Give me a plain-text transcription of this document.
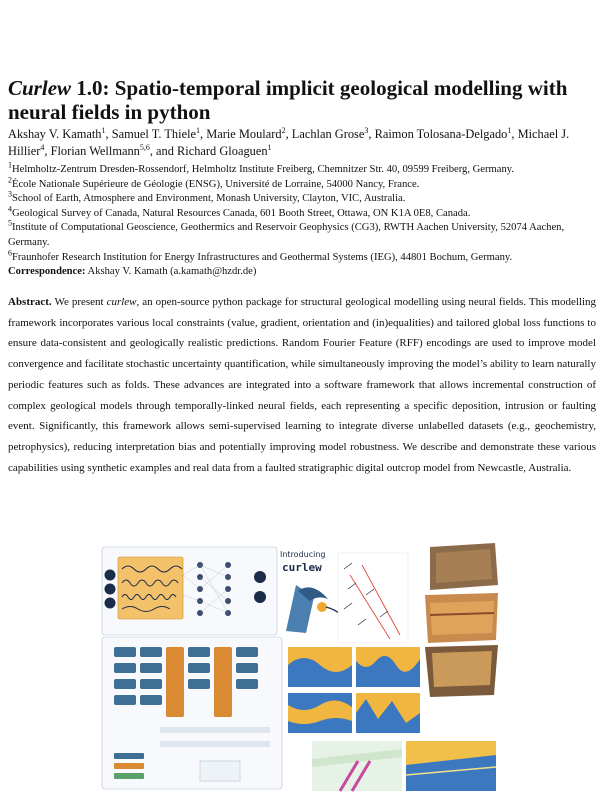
Curlew 1.0: Spatio-temporal implicit geological modelling with neural fields in python
Akshay V. Kamath$^1$, Samuel T. Thiele$^1$, Marie Moulard$^2$, Lachlan Grose$^3$, Raimon Tolosana-Delgado$^1$, Michael J. Hillier$^4$, Florian Wellmann$^{5,6}$, and Richard Gloaguen$^1$
$^1$Helmholtz-Zentrum Dresden-Rossendorf, Helmholtz Institute Freiberg, Chemnitzer Str. 40, 09599 Freiberg, Germany.
$^2$École Nationale Supérieure de Géologie (ENSG), Université de Lorraine, 54000 Nancy, France.
$^3$School of Earth, Atmosphere and Environment, Monash University, Clayton, VIC, Australia.
$^4$Geological Survey of Canada, Natural Resources Canada, 601 Booth Street, Ottawa, ON K1A 0E8, Canada.
$^5$Institute of Computational Geoscience, Geothermics and Reservoir Geophysics (CG3), RWTH Aachen University, 52074 Aachen, Germany.
$^6$Fraunhofer Research Institution for Energy Infrastructures and Geothermal Systems (IEG), 44801 Bochum, Germany.
Correspondence: Akshay V. Kamath (a.kamath@hzdr.de)
Abstract. We present curlew, an open-source python package for structural geological modelling using neural fields. This modelling framework incorporates various local constraints (value, gradient, orientation and (in)equalities) and tailored global loss functions to ensure data-consistent and geologically realistic predictions. Random Fourier Feature (RFF) encodings are used to improve model convergence and facilitate stochastic uncertainty quantification, while simultaneously improving the model’s ability to learn naturally periodic features such as folds. These advances are integrated into a software framework that allows incremental construction of complex geological models through temporally-linked neural fields, each representing a specific deposition, intrusion or faulting event. Significantly, this framework allows semi-supervised learning to integrate diverse unlabelled datasets (e.g., geochemistry, petrophysics), reducing interpretation bias and potentially improving model robustness. We describe and demonstrate these various capabilities using synthetic examples and real data from a faulted stratigraphic digital outcrop model from Newcastle, Australia.
Introducing
curlew
